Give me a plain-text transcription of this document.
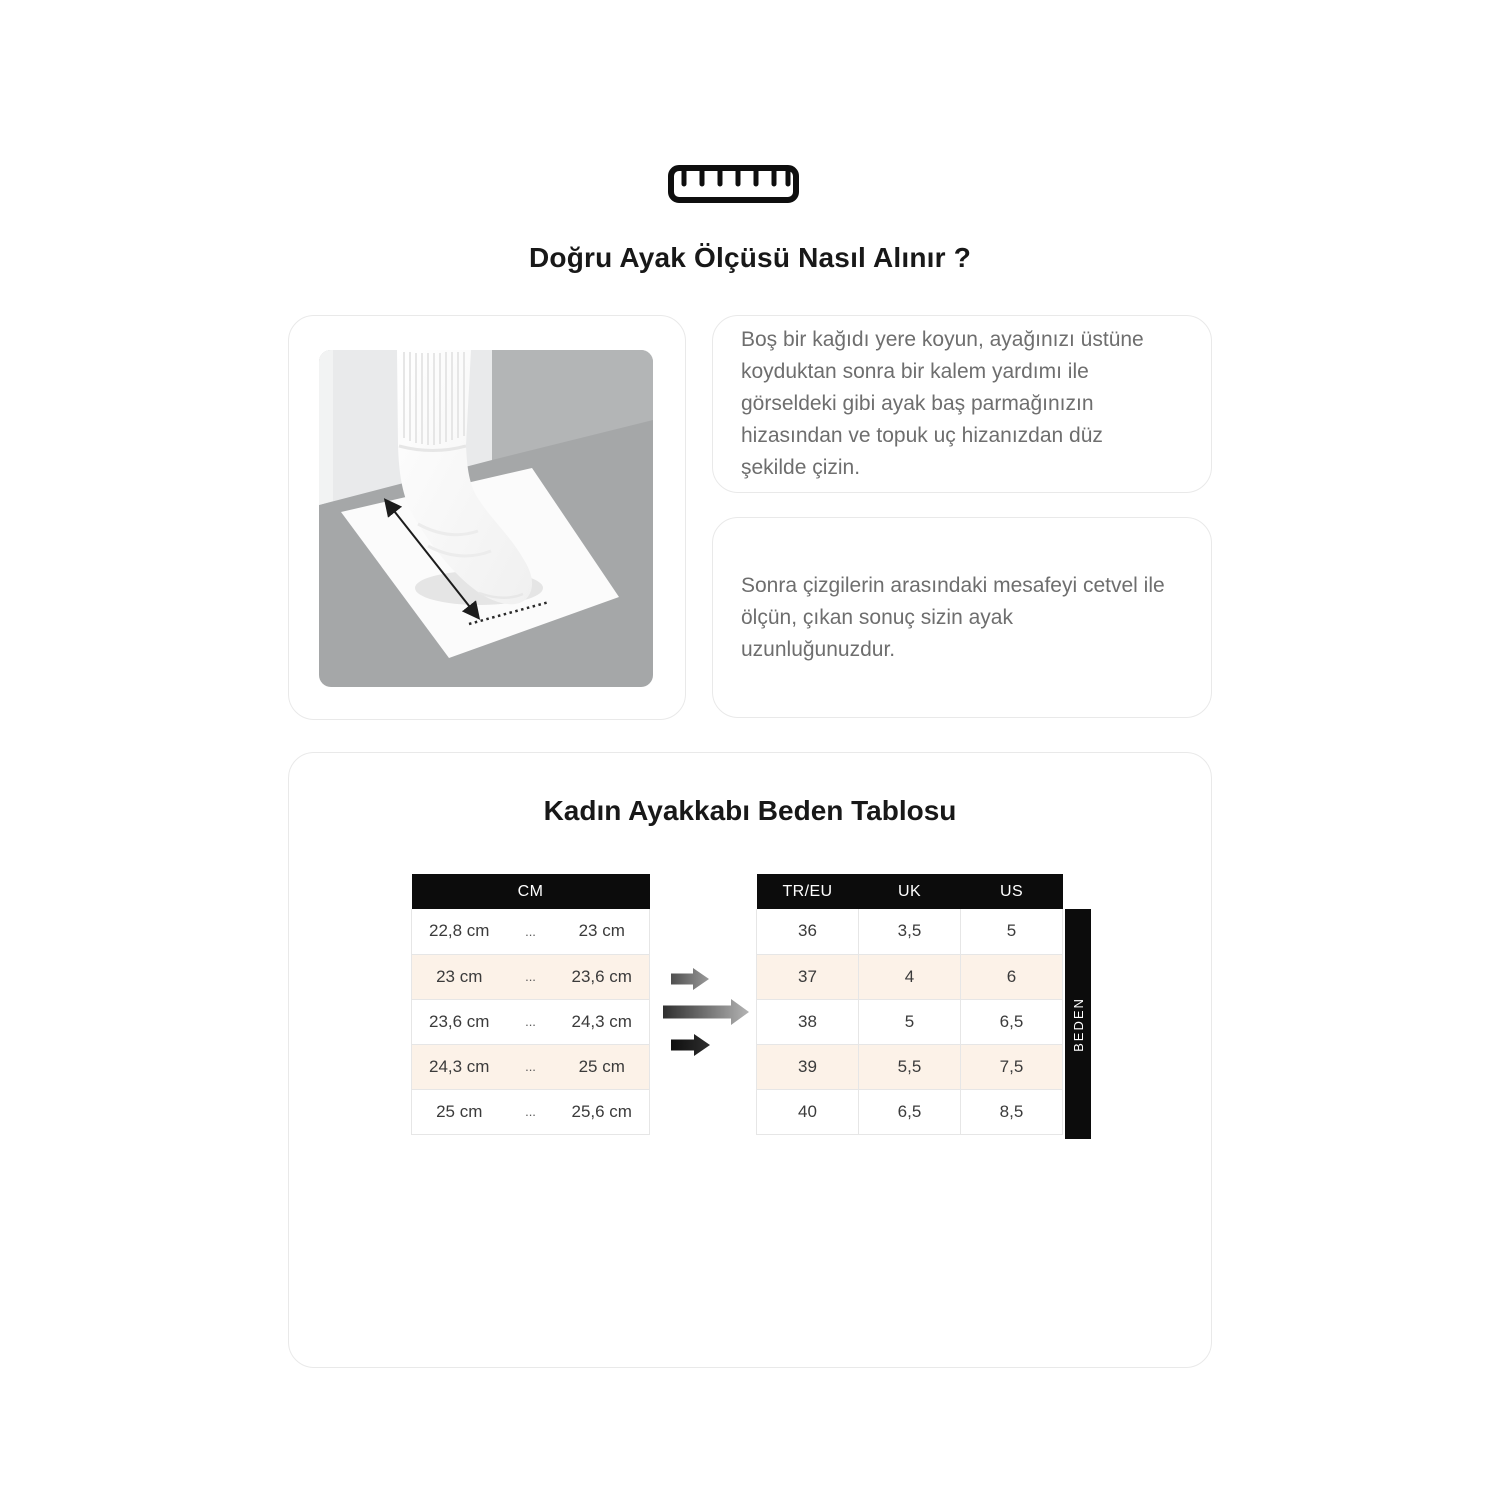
Doğru Ayak Ölçüsü Nasıl Alınır ?
Boş bir kağıdı yere koyun, ayağınızı üstüne koyduktan sonra bir kalem yardımı ile görseldeki gibi ayak baş parmağınızın hizasından ve topuk uç hizanızdan düz şekilde çizin.
Sonra çizgilerin arasındaki mesafeyi cetvel ile ölçün, çıkan sonuç sizin ayak uzunluğunuzdur.
Kadın Ayakkabı Beden Tablosu
CM		
22,8 cm	...	23 cm
23 cm	...	23,6 cm
23,6 cm	...	24,3 cm
24,3 cm	...	25 cm
25 cm	...	25,6 cm
TR/EU	UK	US
36	3,5	5
37	4	6
38	5	6,5
39	5,5	7,5
40	6,5	8,5
BEDEN
